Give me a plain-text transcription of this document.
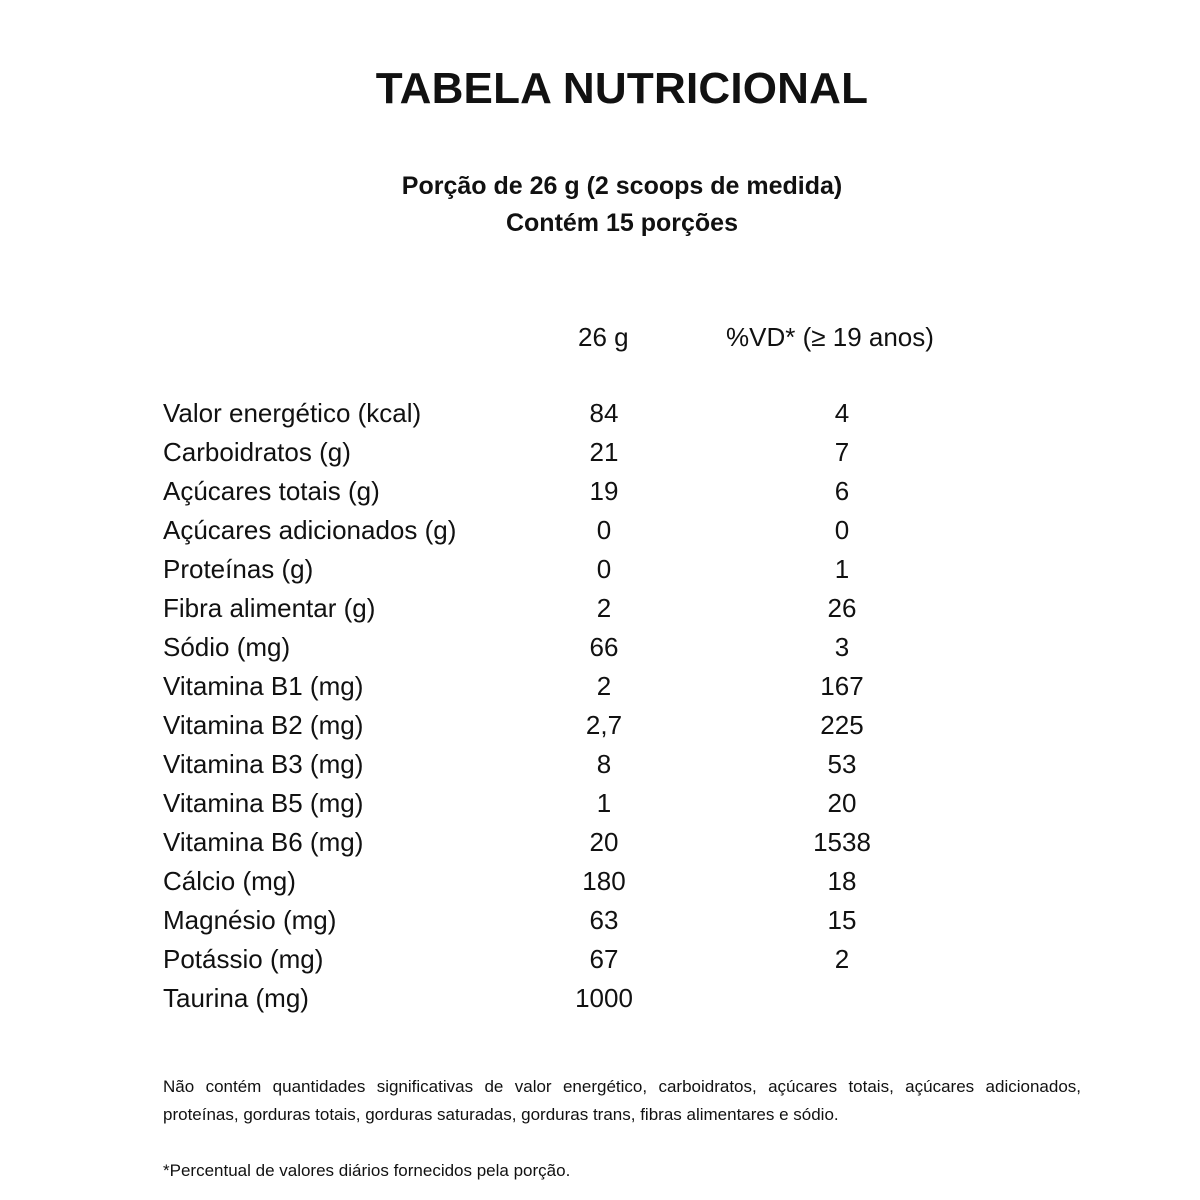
TABELA NUTRICIONAL
Porção de 26 g (2 scoops de medida)
Contém 15 porções
26 g	%VD* (≥ 19 anos)
Valor energético (kcal)	84	4
Carboidratos (g)	21	7
Açúcares totais (g)	19	6
Açúcares adicionados (g)	0	0
Proteínas (g)	0	1
Fibra alimentar (g)	2	26
Sódio (mg)	66	3
Vitamina B1 (mg)	2	167
Vitamina B2 (mg)	2,7	225
Vitamina B3 (mg)	8	53
Vitamina B5 (mg)	1	20
Vitamina B6 (mg)	20	1538
Cálcio (mg)	180	18
Magnésio (mg)	63	15
Potássio (mg)	67	2
Taurina (mg)	1000

Não contém quantidades significativas de valor energético, carboidratos, açúcares totais, açúcares adicionados, proteínas, gorduras totais, gorduras saturadas, gorduras trans, fibras alimentares e sódio.

*Percentual de valores diários fornecidos pela porção.
